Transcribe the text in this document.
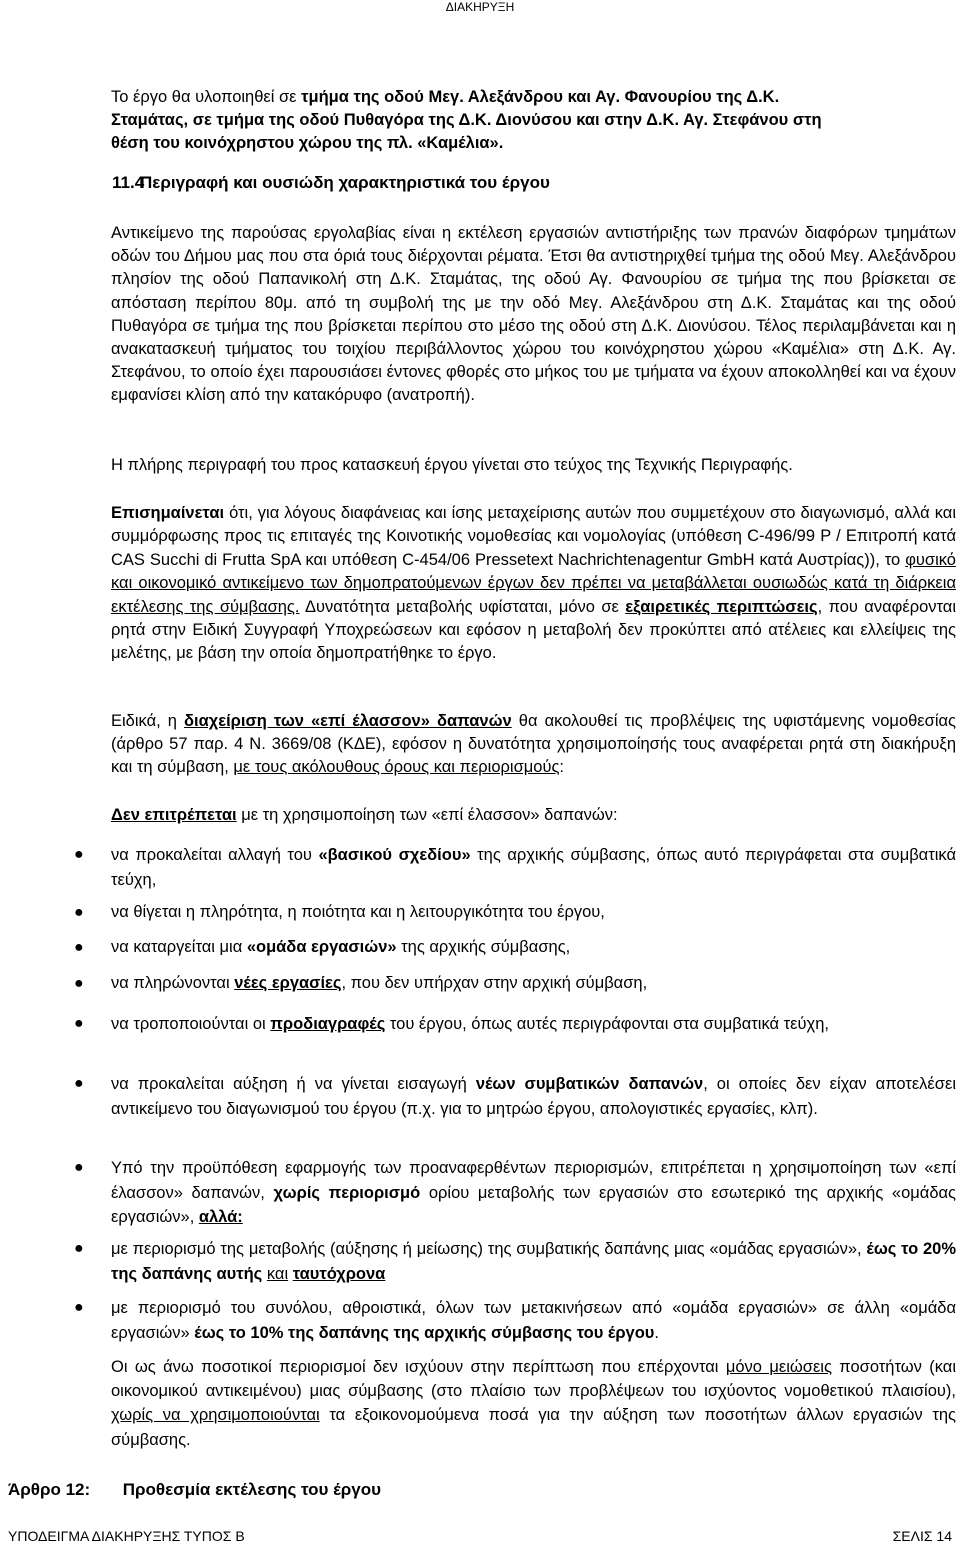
ΔΙΑΚΗΡΥΞΗ
Το έργο θα υλοποιηθεί σε τμήμα της οδού Μεγ. Αλεξάνδρου και Αγ. Φανουρίου της Δ.Κ. Σταμάτας, σε τμήμα της οδού Πυθαγόρα της Δ.Κ. Διονύσου και στην Δ.Κ. Αγ. Στεφάνου στη θέση του κοινόχρηστου χώρου της πλ. «Καμέλια».
11.4
Περιγραφή και ουσιώδη χαρακτηριστικά του έργου
Αντικείμενο της παρούσας εργολαβίας είναι η εκτέλεση εργασιών αντιστήριξης των πρανών διαφόρων τμημάτων οδών του Δήμου μας που στα όριά τους διέρχονται ρέματα. Έτσι θα αντιστηριχθεί τμήμα της οδού Μεγ. Αλεξάνδρου πλησίον της οδού Παπανικολή στη Δ.Κ. Σταμάτας, της οδού Αγ. Φανουρίου σε τμήμα της που βρίσκεται σε απόσταση περίπου 80μ. από τη συμβολή της με την οδό Μεγ. Αλεξάνδρου στη Δ.Κ. Σταμάτας και της οδού Πυθαγόρα σε τμήμα της που βρίσκεται περίπου στο μέσο της οδού στη Δ.Κ. Διονύσου. Τέλος περιλαμβάνεται και η ανακατασκευή τμήματος του τοιχίου περιβάλλοντος χώρου του κοινόχρηστου χώρου «Καμέλια» στη Δ.Κ. Αγ. Στεφάνου, το οποίο έχει παρουσιάσει έντονες φθορές στο μήκος του με τμήματα να έχουν αποκολληθεί και να έχουν εμφανίσει κλίση από την κατακόρυφο (ανατροπή).
Η πλήρης περιγραφή του προς κατασκευή έργου γίνεται στο τεύχος της Τεχνικής Περιγραφής.
Επισημαίνεται ότι, για λόγους διαφάνειας και ίσης μεταχείρισης αυτών που συμμετέχουν στο διαγωνισμό, αλλά και συμμόρφωσης προς τις επιταγές της Κοινοτικής νομοθεσίας και νομολογίας (υπόθεση C-496/99 P / Επιτροπή κατά CAS Succhi di Frutta SpA και υπόθεση C-454/06 Pressetext Nachrichtenagentur GmbH κατά Αυστρίας)), το φυσικό και οικονομικό αντικείμενο των δημοπρατούμενων έργων δεν πρέπει να μεταβάλλεται ουσιωδώς κατά τη διάρκεια εκτέλεσης της σύμβασης. Δυνατότητα μεταβολής υφίσταται, μόνο σε εξαιρετικές περιπτώσεις, που αναφέρονται ρητά στην Ειδική Συγγραφή Υποχρεώσεων και εφόσον η μεταβολή δεν προκύπτει από ατέλειες και ελλείψεις της μελέτης, με βάση την οποία δημοπρατήθηκε το έργο.
Ειδικά, η διαχείριση των «επί έλασσον» δαπανών θα ακολουθεί τις προβλέψεις της υφιστάμενης νομοθεσίας (άρθρο 57 παρ. 4 Ν. 3669/08 (ΚΔΕ), εφόσον η δυνατότητα χρησιμοποίησής τους αναφέρεται ρητά στη διακήρυξη και τη σύμβαση, με τους ακόλουθους όρους και περιορισμούς:
Δεν επιτρέπεται με τη χρησιμοποίηση των «επί έλασσον» δαπανών:
● να προκαλείται αλλαγή του «βασικού σχεδίου» της αρχικής σύμβασης, όπως αυτό περιγράφεται στα συμβατικά τεύχη,
● να θίγεται η πληρότητα, η ποιότητα και η λειτουργικότητα του έργου,
● να καταργείται μια «ομάδα εργασιών» της αρχικής σύμβασης,
● να πληρώνονται νέες εργασίες, που δεν υπήρχαν στην αρχική σύμβαση,
● να τροποποιούνται οι προδιαγραφές του έργου, όπως αυτές περιγράφονται στα συμβατικά τεύχη,
● να προκαλείται αύξηση ή να γίνεται εισαγωγή νέων συμβατικών δαπανών, οι οποίες δεν είχαν αποτελέσει αντικείμενο του διαγωνισμού του έργου (π.χ. για το μητρώο έργου, απολογιστικές εργασίες, κλπ).
● Υπό την προϋπόθεση εφαρμογής των προαναφερθέντων περιορισμών, επιτρέπεται η χρησιμοποίηση των «επί έλασσον» δαπανών, χωρίς περιορισμό ορίου μεταβολής των εργασιών στο εσωτερικό της αρχικής «ομάδας εργασιών», αλλά:
● με περιορισμό της μεταβολής (αύξησης ή μείωσης) της συμβατικής δαπάνης μιας «ομάδας εργασιών», έως το 20% της δαπάνης αυτής και ταυτόχρονα
● με περιορισμό του συνόλου, αθροιστικά, όλων των μετακινήσεων από «ομάδα εργασιών» σε άλλη «ομάδα εργασιών» έως το 10% της δαπάνης της αρχικής σύμβασης του έργου.
Οι ως άνω ποσοτικοί περιορισμοί δεν ισχύουν στην περίπτωση που επέρχονται μόνο μειώσεις ποσοτήτων (και οικονομικού αντικειμένου) μιας σύμβασης (στο πλαίσιο των προβλέψεων του ισχύοντος νομοθετικού πλαισίου), χωρίς να χρησιμοποιούνται τα εξοικονομούμενα ποσά για την αύξηση των ποσοτήτων άλλων εργασιών της σύμβασης.
Άρθρο 12: Προθεσμία εκτέλεσης του έργου
ΥΠΟΔΕΙΓΜΑ ΔΙΑΚΗΡΥΞΗΣ ΤΥΠΟΣ Β	ΣΕΛΙΣ 14
